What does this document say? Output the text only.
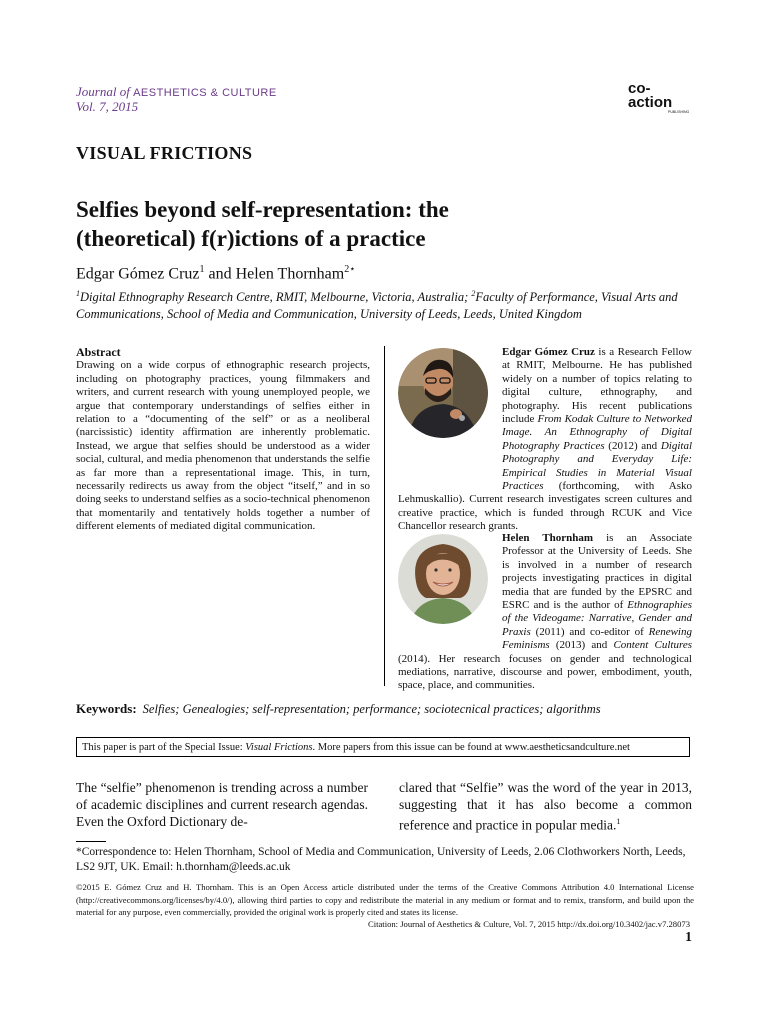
Journal of AESTHETICS & CULTURE
Vol. 7, 2015
co-
action
PUBLISHING
VISUAL FRICTIONS
Selfies beyond self-representation: the
(theoretical) f(r)ictions of a practice
Edgar Gómez Cruz$^1$ and Helen Thornham$^{2⋆}$
$^1$Digital Ethnography Research Centre, RMIT, Melbourne, Victoria, Australia; $^2$Faculty of Performance, Visual Arts and Communications, School of Media and Communication, University of Leeds, Leeds, United Kingdom
Abstract

Drawing on a wide corpus of ethnographic research projects, including on photography practices, young filmmakers and writers, and current research with young unemployed people, we argue that contemporary understandings of selfies either in relation to a “documenting of the self” or as a neoliberal (narcissistic) identity affirmation are inherently problematic. Instead, we argue that selfies should be understood as a wider social, cultural, and media phenomenon that understands the selfie as far more than a representational image. This, in turn, necessarily redirects us away from the object “itself,” and in so doing seeks to understand selfies as a socio-technical phenomenon that momentarily and tentatively holds together a number of different elements of mediated digital communication.

Edgar Gómez Cruz is a Research Fellow at RMIT, Melbourne. He has published widely on a number of topics relating to digital culture, ethnography, and photography. His recent publications include From Kodak Culture to Networked Image. An Ethnography of Digital Photography Practices (2012) and Digital Photography and Everyday Life: Empirical Studies in Material Visual Practices (forthcoming, with Asko Lehmuskallio). Current research investigates screen cultures and creative practice, which is funded through RCUK and Vice Chancellor research grants.
Helen Thornham is an Associate Professor at the University of Leeds. She is involved in a number of research projects investigating practices in digital media that are funded by the EPSRC and ESRC and is the author of Ethnographies of the Videogame: Narrative, Gender and Praxis (2011) and co-editor of Renewing Feminisms (2013) and Content Cultures (2014). Her research focuses on gender and technological mediations, narrative, discourse and power, embodiment, youth, space, place, and communities.
Keywords: Selfies; Genealogies; self-representation; performance; sociotecnical practices; algorithms
This paper is part of the Special Issue: Visual Frictions. More papers from this issue can be found at www.aestheticsandculture.net
The “selfie” phenomenon is trending across a number of academic disciplines and current research agendas. Even the Oxford Dictionary de-
clared that “Selfie” was the word of the year in 2013, suggesting that it has also become a common reference and practice in popular media.$^1$
*Correspondence to: Helen Thornham, School of Media and Communication, University of Leeds, 2.06 Clothworkers North, Leeds, LS2 9JT, UK. Email: h.thornham@leeds.ac.uk
©2015 E. Gómez Cruz and H. Thornham. This is an Open Access article distributed under the terms of the Creative Commons Attribution 4.0 International License (http://creativecommons.org/licenses/by/4.0/), allowing third parties to copy and redistribute the material in any medium or format and to remix, transform, and build upon the material for any purpose, even commercially, provided the original work is properly cited and states its license.
Citation: Journal of Aesthetics & Culture, Vol. 7, 2015 http://dx.doi.org/10.3402/jac.v7.28073
1
